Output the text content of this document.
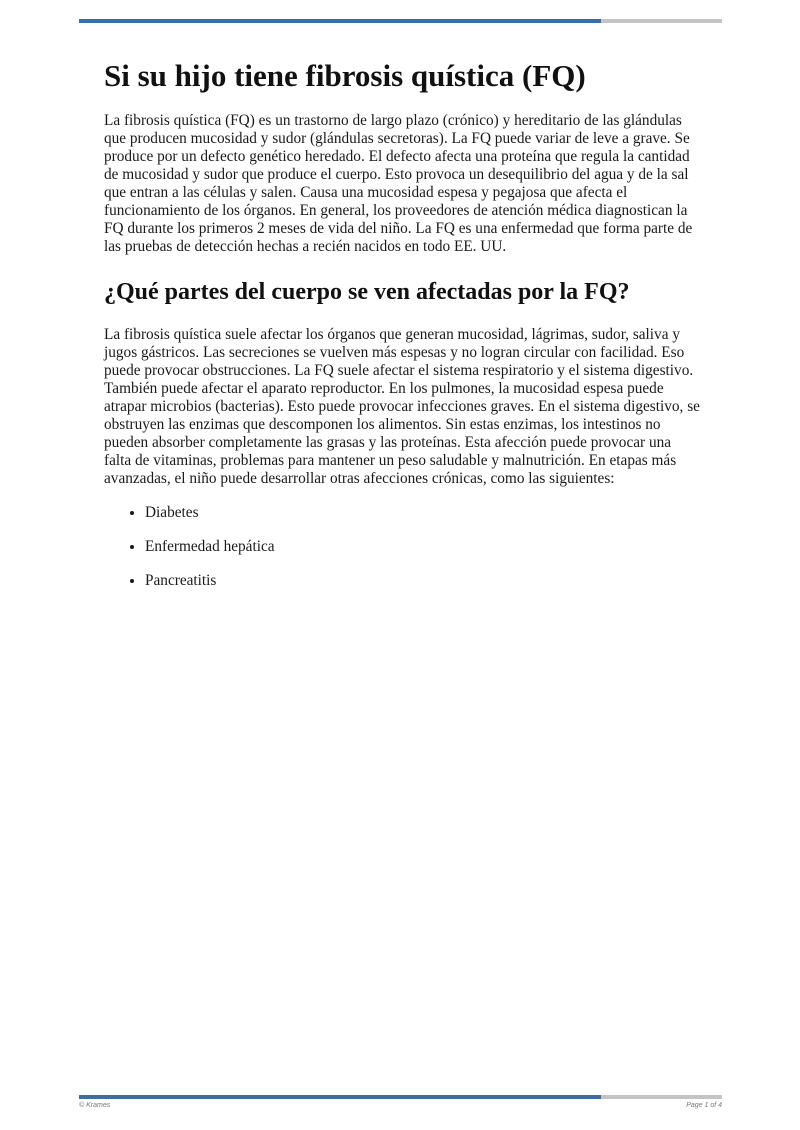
Si su hijo tiene fibrosis quística (FQ)

La fibrosis quística (FQ) es un trastorno de largo plazo (crónico) y hereditario de las glándulas que producen mucosidad y sudor (glándulas secretoras). La FQ puede variar de leve a grave. Se produce por un defecto genético heredado. El defecto afecta una proteína que regula la cantidad de mucosidad y sudor que produce el cuerpo. Esto provoca un desequilibrio del agua y de la sal que entran a las células y salen. Causa una mucosidad espesa y pegajosa que afecta el funcionamiento de los órganos. En general, los proveedores de atención médica diagnostican la FQ durante los primeros 2 meses de vida del niño. La FQ es una enfermedad que forma parte de las pruebas de detección hechas a recién nacidos en todo EE. UU.

¿Qué partes del cuerpo se ven afectadas por la FQ?

La fibrosis quística suele afectar los órganos que generan mucosidad, lágrimas, sudor, saliva y jugos gástricos. Las secreciones se vuelven más espesas y no logran circular con facilidad. Eso puede provocar obstrucciones. La FQ suele afectar el sistema respiratorio y el sistema digestivo. También puede afectar el aparato reproductor. En los pulmones, la mucosidad espesa puede atrapar microbios (bacterias). Esto puede provocar infecciones graves. En el sistema digestivo, se obstruyen las enzimas que descomponen los alimentos. Sin estas enzimas, los intestinos no pueden absorber completamente las grasas y las proteínas. Esta afección puede provocar una falta de vitaminas, problemas para mantener un peso saludable y malnutrición. En etapas más avanzadas, el niño puede desarrollar otras afecciones crónicas, como las siguientes:

• Diabetes
• Enfermedad hepática
• Pancreatitis
© Krames	Page 1 of 4
